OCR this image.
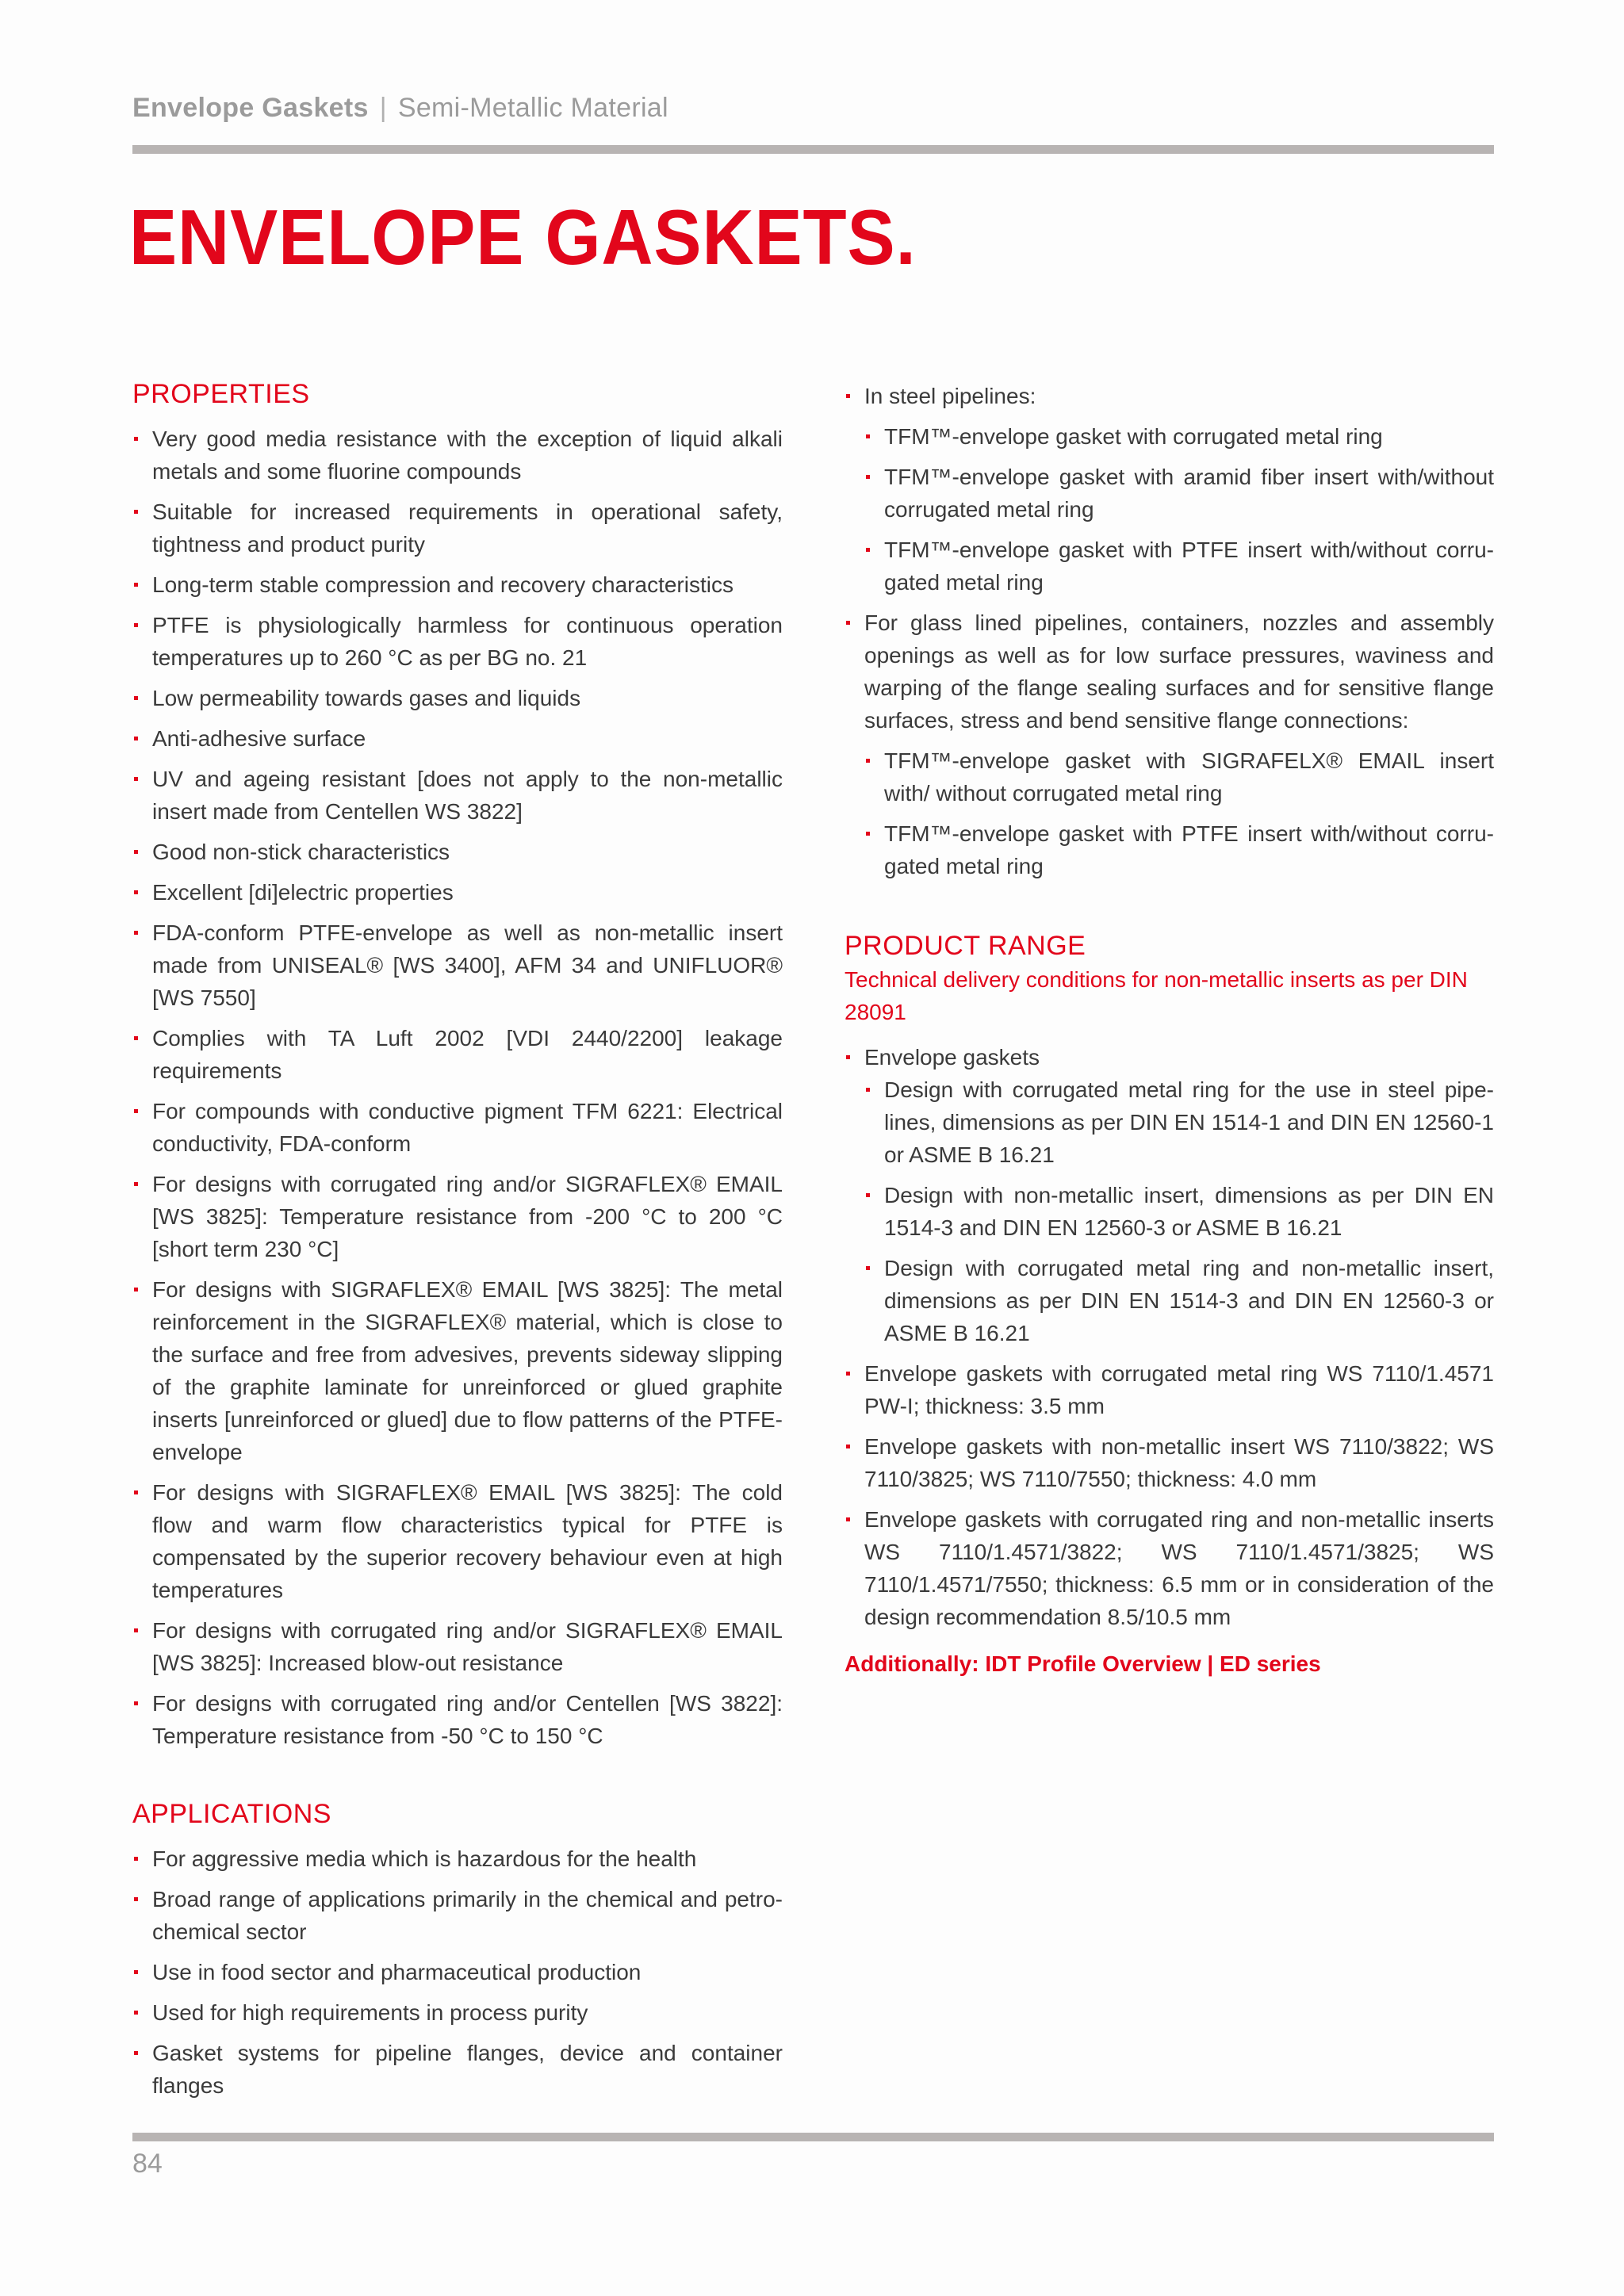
Envelope Gaskets | Semi-Metallic Material
ENVELOPE GASKETS.
PROPERTIES
Very good media resistance with the exception of liquid alkali metals and some fluorine compounds
Suitable for increased requirements in operational safety, tightness and product purity
Long-term stable compression and recovery characteristics
PTFE is physiologically harmless for continuous operation temperatures up to 260 °C as per BG no. 21
Low permeability towards gases and liquids
Anti-adhesive surface
UV and ageing resistant [does not apply to the non-metallic insert made from Centellen WS 3822]
Good non-stick characteristics
Excellent [di]electric properties
FDA-conform PTFE-envelope as well as non-metallic insert made from UNISEAL® [WS 3400], AFM 34 and UNIFLUOR® [WS 7550]
Complies with TA Luft 2002 [VDI 2440/2200] leakage requirements
For compounds with conductive pigment TFM 6221: Electrical conductivity, FDA-conform
For designs with corrugated ring and/or SIGRAFLEX® EMAIL [WS 3825]: Temperature resistance from -200 °C to 200 °C [short term 230 °C]
For designs with SIGRAFLEX® EMAIL [WS 3825]: The metal reinforcement in the SIGRAFLEX® material, which is close to the surface and free from advesives, prevents sideway slipping of the graphite laminate for unreinforced or glued graphite inserts [unreinforced or glued] due to flow patterns of the PTFE-envelope
For designs with SIGRAFLEX® EMAIL [WS 3825]: The cold flow and warm flow characteristics typical for PTFE is compensated by the superior recovery behaviour even at high temperatures
For designs with corrugated ring and/or SIGRAFLEX® EMAIL [WS 3825]: Increased blow-out resistance
For designs with corrugated ring and/or Centellen [WS 3822]: Temperature resistance from -50 °C to 150 °C
APPLICATIONS
For aggressive media which is hazardous for the health
Broad range of applications primarily in the chemical and petrochemical sector
Use in food sector and pharmaceutical production
Used for high requirements in process purity
Gasket systems for pipeline flanges, device and container flanges
In steel pipelines:
TFM™-envelope gasket with corrugated metal ring
TFM™-envelope gasket with aramid fiber insert with/without corrugated metal ring
TFM™-envelope gasket with PTFE insert with/without corrugated metal ring
For glass lined pipelines, containers, nozzles and assembly openings as well as for low surface pressures, waviness and warping of the flange sealing surfaces and for sensitive flange surfaces, stress and bend sensitive flange connections:
TFM™-envelope gasket with SIGRAFELX® EMAIL insert with/ without corrugated metal ring
TFM™-envelope gasket with PTFE insert with/without corrugated metal ring
PRODUCT RANGE

Technical delivery conditions for non-metallic inserts as per DIN 28091

Envelope gaskets
Design with corrugated metal ring for the use in steel pipelines, dimensions as per DIN EN 1514-1 and DIN EN 12560-1 or ASME B 16.21
Design with non-metallic insert, dimensions as per DIN EN 1514-3 and DIN EN 12560-3 or ASME B 16.21
Design with corrugated metal ring and non-metallic insert, dimensions as per DIN EN 1514-3 and DIN EN 12560-3 or ASME B 16.21
Envelope gaskets with corrugated metal ring WS 7110/1.4571 PW-I; thickness: 3.5 mm
Envelope gaskets with non-metallic insert WS 7110/3822; WS 7110/3825; WS 7110/7550; thickness: 4.0 mm
Envelope gaskets with corrugated ring and non-metallic inserts WS 7110/1.4571/3822; WS 7110/1.4571/3825; WS 7110/1.4571/7550; thickness: 6.5 mm or in consideration of the design recommendation 8.5/10.5 mm
Additionally: IDT Profile Overview | ED series
84
